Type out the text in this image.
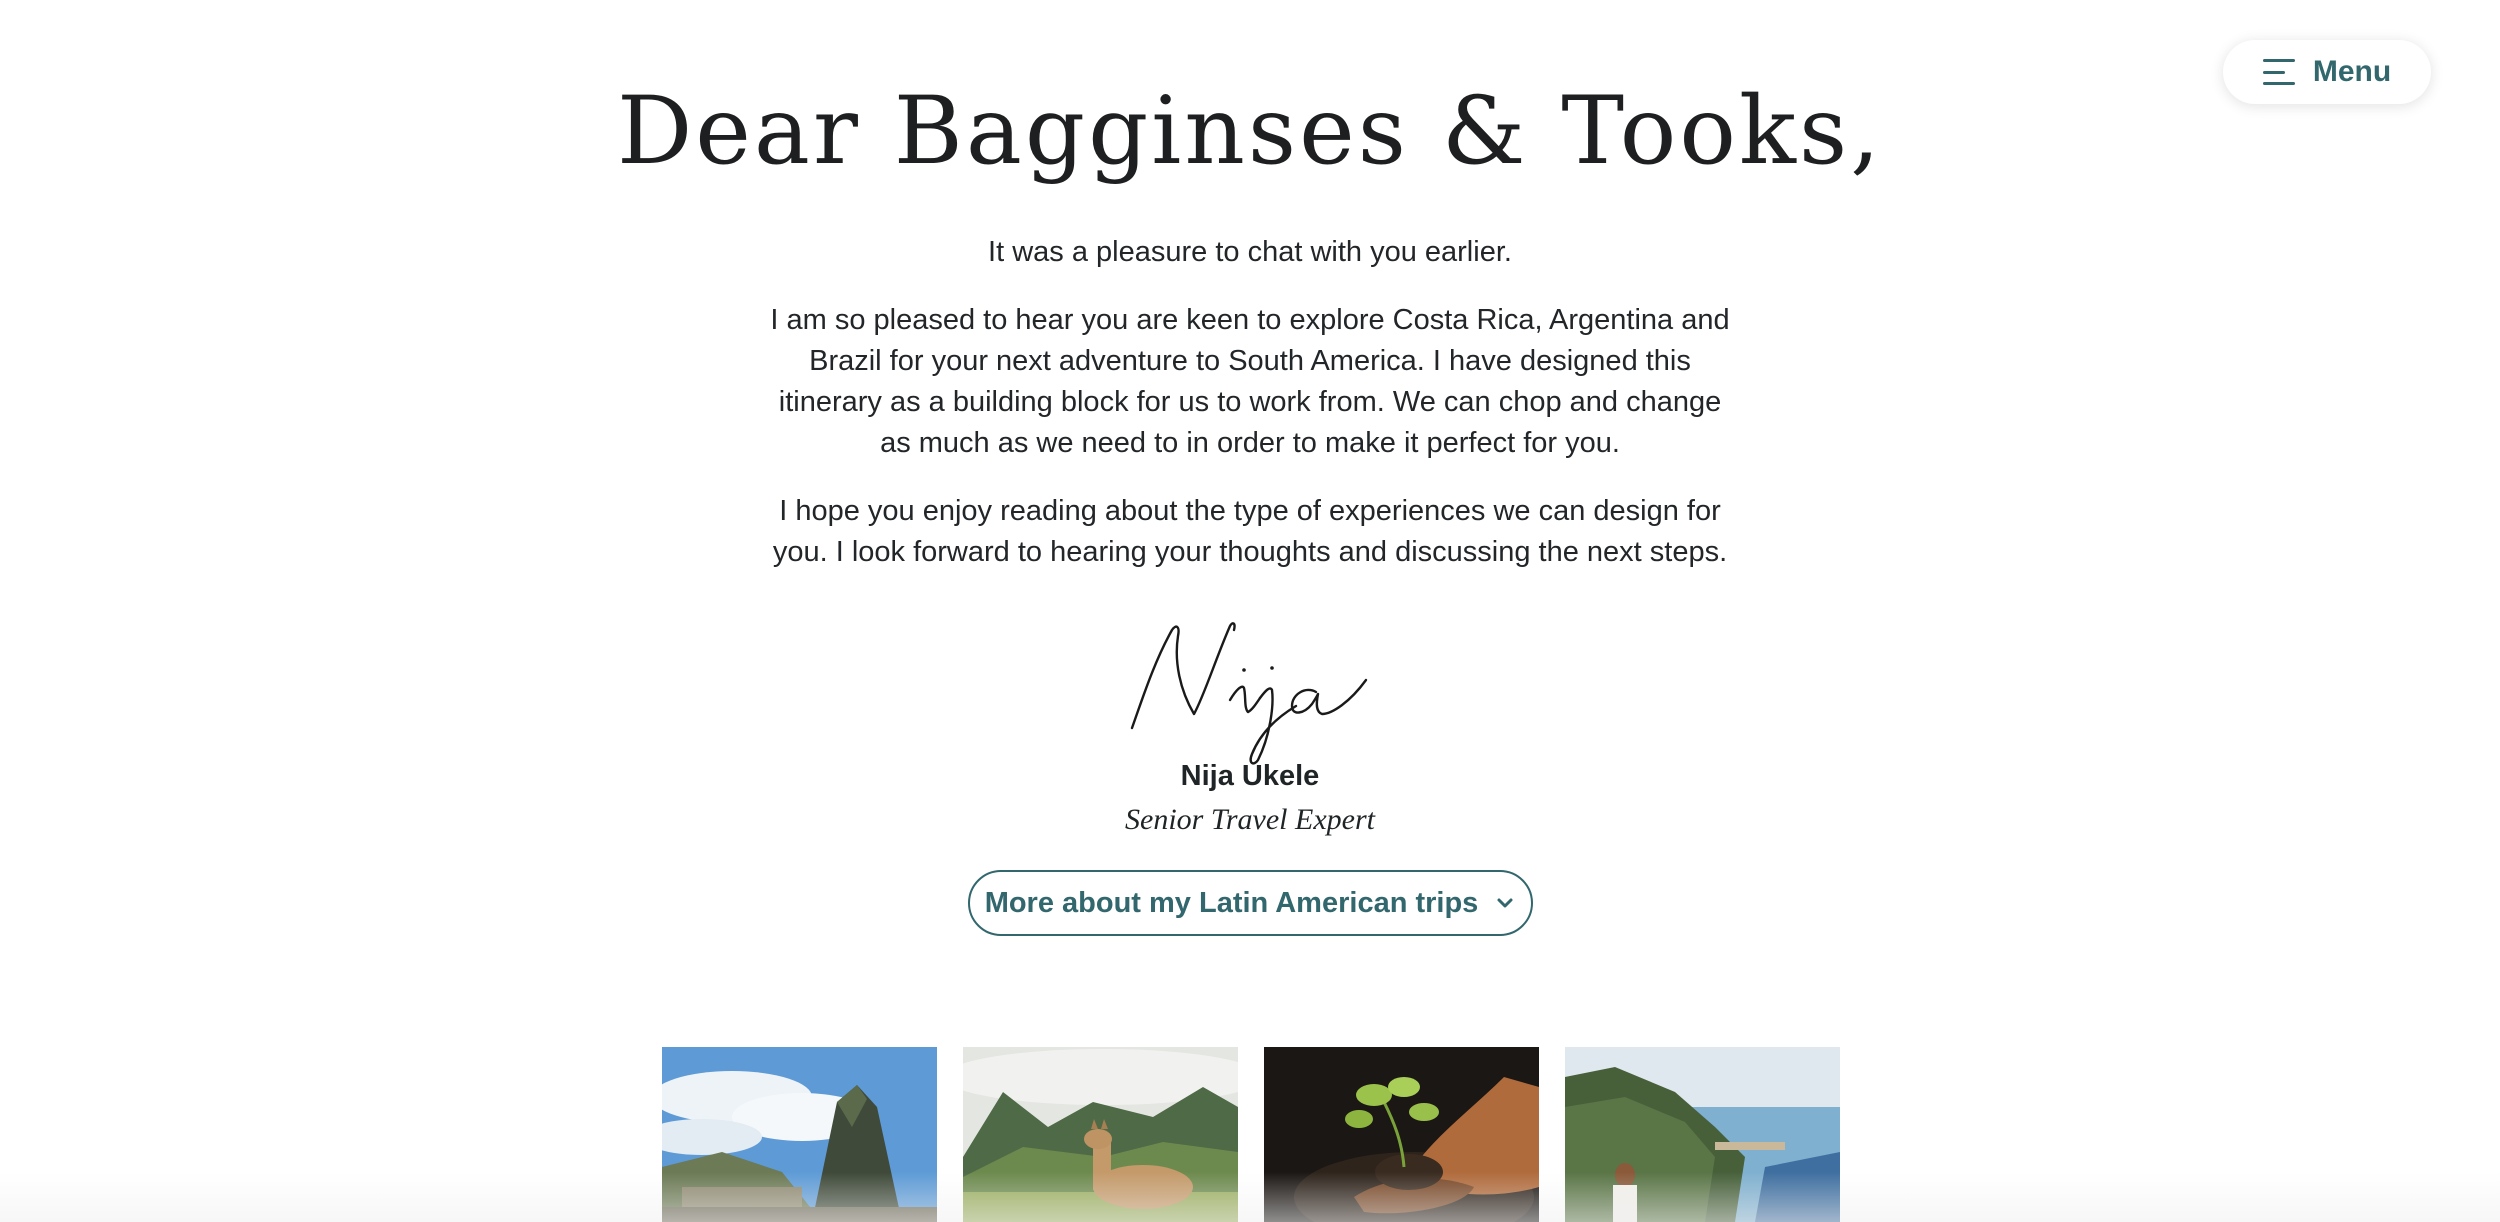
Menu
Dear Bagginses & Tooks,

It was a pleasure to chat with you earlier.

I am so pleased to hear you are keen to explore Costa Rica, Argentina and Brazil for your next adventure to South America. I have designed this itinerary as a building block for us to work from. We can chop and change as much as we need to in order to make it perfect for you.

I hope you enjoy reading about the type of experiences we can design for you. I look forward to hearing your thoughts and discussing the next steps.

Nija Ukele
Senior Travel Expert
More about my Latin American trips
